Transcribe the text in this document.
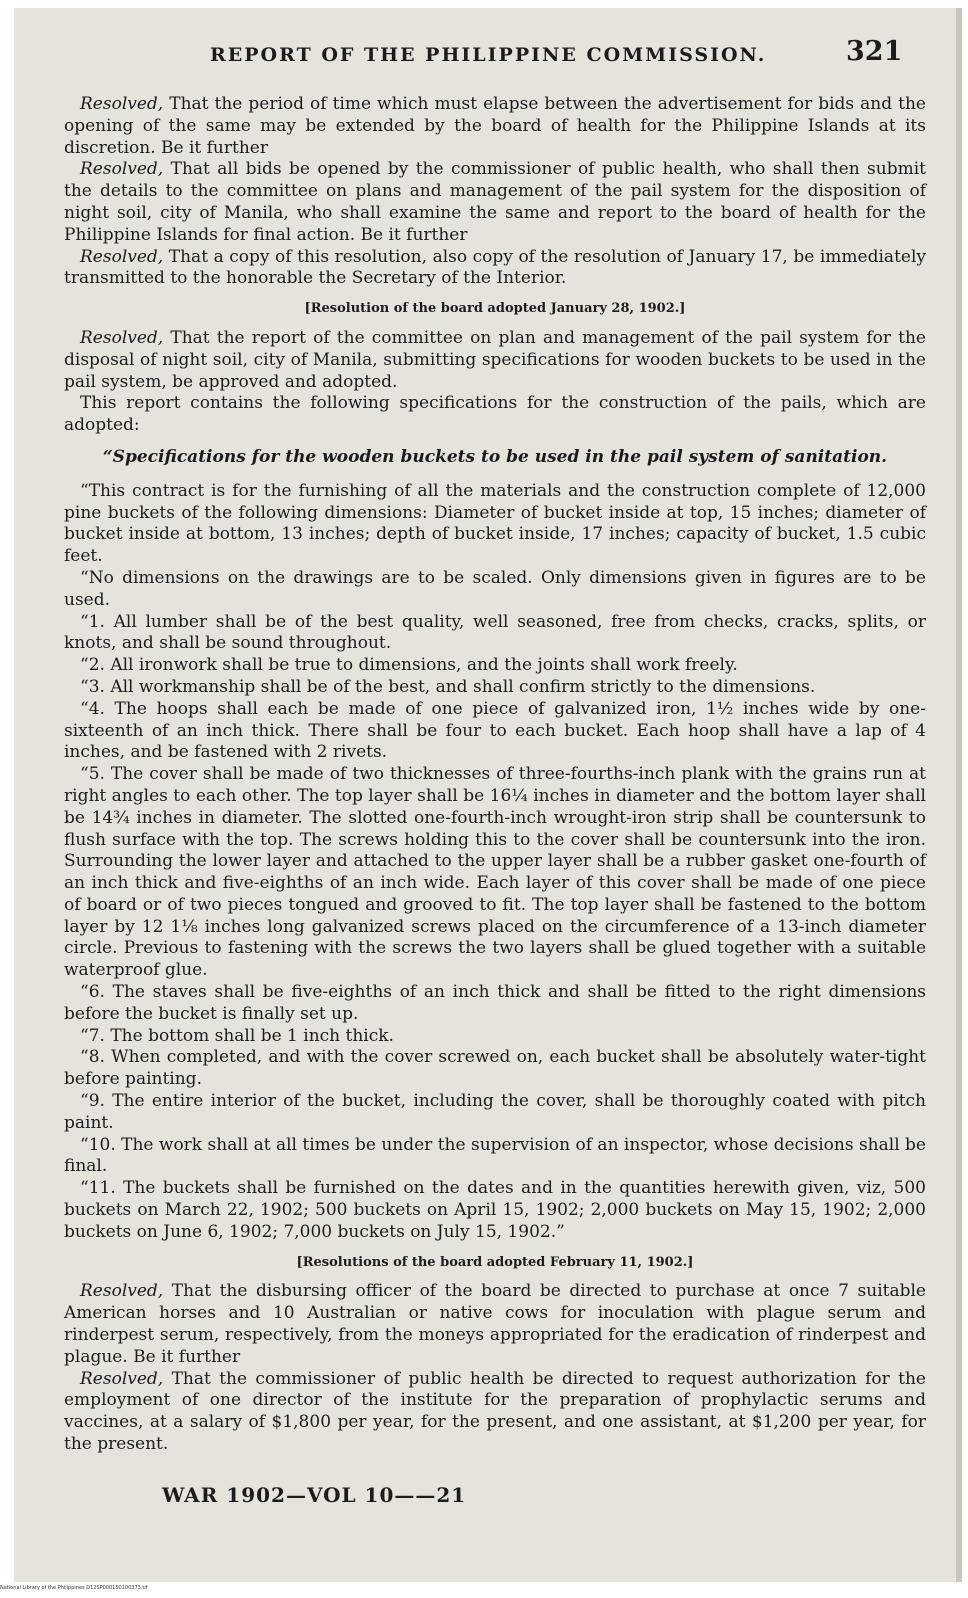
REPORT OF THE PHILIPPINE COMMISSION.	321

Resolved, That the period of time which must elapse between the advertisement for bids and the opening of the same may be extended by the board of health for the Philippine Islands at its discretion. Be it further

Resolved, That all bids be opened by the commissioner of public health, who shall then submit the details to the committee on plans and management of the pail system for the disposition of night soil, city of Manila, who shall examine the same and report to the board of health for the Philippine Islands for final action. Be it further

Resolved, That a copy of this resolution, also copy of the resolution of January 17, be immediately transmitted to the honorable the Secretary of the Interior.

[Resolution of the board adopted January 28, 1902.]

Resolved, That the report of the committee on plan and management of the pail system for the disposal of night soil, city of Manila, submitting specifications for wooden buckets to be used in the pail system, be approved and adopted.

This report contains the following specifications for the construction of the pails, which are adopted:

“Specifications for the wooden buckets to be used in the pail system of sanitation.

“This contract is for the furnishing of all the materials and the construction complete of 12,000 pine buckets of the following dimensions: Diameter of bucket inside at top, 15 inches; diameter of bucket inside at bottom, 13 inches; depth of bucket inside, 17 inches; capacity of bucket, 1.5 cubic feet.

“No dimensions on the drawings are to be scaled. Only dimensions given in figures are to be used.

“1. All lumber shall be of the best quality, well seasoned, free from checks, cracks, splits, or knots, and shall be sound throughout.

“2. All ironwork shall be true to dimensions, and the joints shall work freely.

“3. All workmanship shall be of the best, and shall confirm strictly to the dimensions.

“4. The hoops shall each be made of one piece of galvanized iron, 1½ inches wide by one-sixteenth of an inch thick. There shall be four to each bucket. Each hoop shall have a lap of 4 inches, and be fastened with 2 rivets.

“5. The cover shall be made of two thicknesses of three-fourths-inch plank with the grains run at right angles to each other. The top layer shall be 16¼ inches in diameter and the bottom layer shall be 14¾ inches in diameter. The slotted one-fourth-inch wrought-iron strip shall be countersunk to flush surface with the top. The screws holding this to the cover shall be countersunk into the iron. Surrounding the lower layer and attached to the upper layer shall be a rubber gasket one-fourth of an inch thick and five-eighths of an inch wide. Each layer of this cover shall be made of one piece of board or of two pieces tongued and grooved to fit. The top layer shall be fastened to the bottom layer by 12 1⅛ inches long galvanized screws placed on the circumference of a 13-inch diameter circle. Previous to fastening with the screws the two layers shall be glued together with a suitable waterproof glue.

“6. The staves shall be five-eighths of an inch thick and shall be fitted to the right dimensions before the bucket is finally set up.

“7. The bottom shall be 1 inch thick.

“8. When completed, and with the cover screwed on, each bucket shall be absolutely water-tight before painting.

“9. The entire interior of the bucket, including the cover, shall be thoroughly coated with pitch paint.

“10. The work shall at all times be under the supervision of an inspector, whose decisions shall be final.

“11. The buckets shall be furnished on the dates and in the quantities herewith given, viz, 500 buckets on March 22, 1902; 500 buckets on April 15, 1902; 2,000 buckets on May 15, 1902; 2,000 buckets on June 6, 1902; 7,000 buckets on July 15, 1902.”

[Resolutions of the board adopted February 11, 1902.]

Resolved, That the disbursing officer of the board be directed to purchase at once 7 suitable American horses and 10 Australian or native cows for inoculation with plague serum and rinderpest serum, respectively, from the moneys appropriated for the eradication of rinderpest and plague. Be it further

Resolved, That the commissioner of public health be directed to request authorization for the employment of one director of the institute for the preparation of prophylactic serums and vaccines, at a salary of $1,800 per year, for the present, and one assistant, at $1,200 per year, for the present.

WAR 1902—VOL 10——21
National Library of the Philippines D12SP000150100373.tif
